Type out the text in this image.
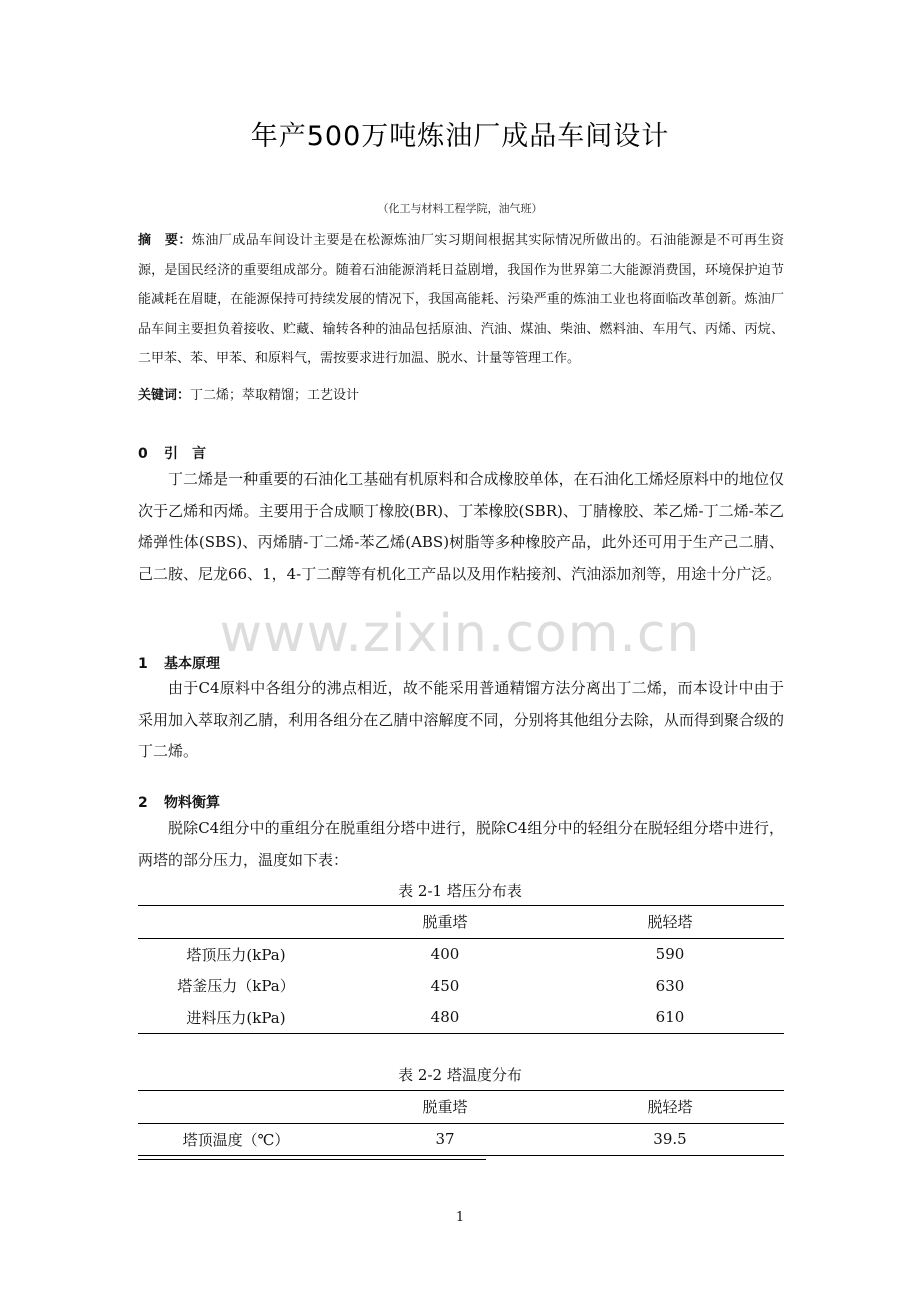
年产500万吨炼油厂成品车间设计
（化工与材料工程学院，油气班）
摘　要：炼油厂成品车间设计主要是在松源炼油厂实习期间根据其实际情况所做出的。石油能源是不可再生资源，是国民经济的重要组成部分。随着石油能源消耗日益剧增，我国作为世界第二大能源消费国，环境保护迫节能减耗在眉睫，在能源保持可持续发展的情况下，我国高能耗、污染严重的炼油工业也将面临改革创新。炼油厂品车间主要担负着接收、贮藏、输转各种的油品包括原油、汽油、煤油、柴油、燃料油、车用气、丙烯、丙烷、二甲苯、苯、甲苯、和原料气，需按要求进行加温、脱水、计量等管理工作。
关键词：丁二烯；萃取精馏；工艺设计
0 引　言
丁二烯是一种重要的石油化工基础有机原料和合成橡胶单体，在石油化工烯烃原料中的地位仅次于乙烯和丙烯。主要用于合成顺丁橡胶(BR)、丁苯橡胶(SBR)、丁腈橡胶、苯乙烯-丁二烯-苯乙烯弹性体(SBS)、丙烯腈-丁二烯-苯乙烯(ABS)树脂等多种橡胶产品，此外还可用于生产己二腈、己二胺、尼龙66、1，4-丁二醇等有机化工产品以及用作粘接剂、汽油添加剂等，用途十分广泛。
www.zixin.com.cn
1 基本原理
由于C4原料中各组分的沸点相近，故不能采用普通精馏方法分离出丁二烯，而本设计中由于采用加入萃取剂乙腈，利用各组分在乙腈中溶解度不同，分别将其他组分去除，从而得到聚合级的丁二烯。
2 物料衡算
脱除C4组分中的重组分在脱重组分塔中进行，脱除C4组分中的轻组分在脱轻组分塔中进行，两塔的部分压力，温度如下表：
表 2-1 塔压分布表
	脱重塔	脱轻塔
塔顶压力(kPa)	400	590
塔釜压力（kPa）	450	630
进料压力(kPa)	480	610
表 2-2 塔温度分布
	脱重塔	脱轻塔
塔顶温度（℃）	37	39.5
1
